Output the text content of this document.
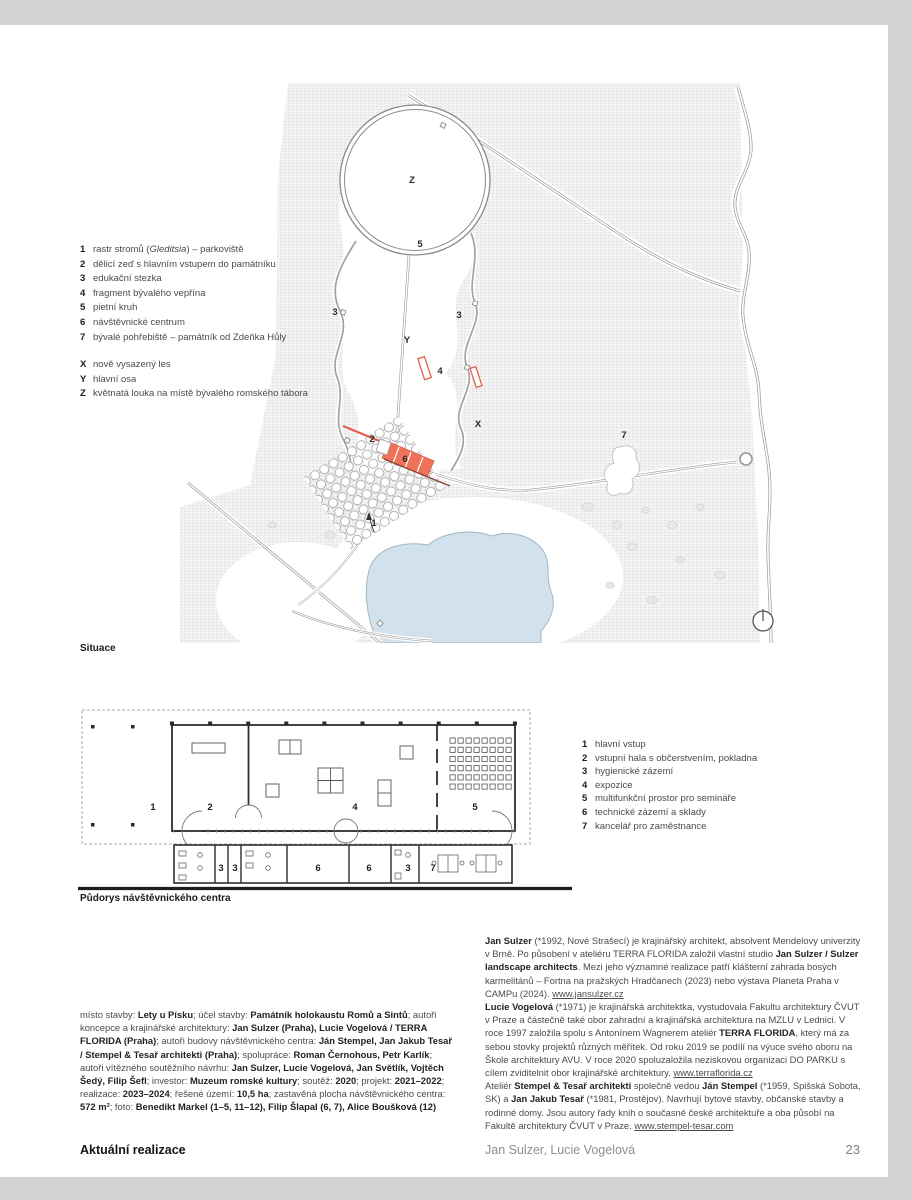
Z
5
3	3
Y
4
X
7
2
6
1
1 rastr stromů (Gleditsia) – parkoviště
2 dělicí zeď s hlavním vstupem do památníku
3 edukační stezka
4 fragment bývalého vepřína
5 pietní kruh
6 návštěvnické centrum
7 bývalé pohřebiště – památník od Zdeňka Hůly
X nově vysazený les
Y hlavní osa
Z květnatá louka na místě bývalého romského tábora
Situace
1	2	4	5
3 3	6	6	3 7
1 hlavní vstup
2 vstupní hala s občerstvením, pokladna
3 hygienické zázemí
4 expozice
5 multifunkční prostor pro semináře
6 technické zázemí a sklady
7 kancelář pro zaměstnance
Půdorys návštěvnického centra
místo stavby: Lety u Písku; účel stavby: Památník holokaustu Romů a Sintů; autoři koncepce a krajinářské architektury: Jan Sulzer (Praha), Lucie Vogelová / TERRA FLORIDA (Praha); autoři budovy návštěvnického centra: Ján Stempel, Jan Jakub Tesař / Stempel & Tesař architekti (Praha); spolupráce: Roman Černohous, Petr Karlík; autoři vítězného soutěžního návrhu: Jan Sulzer, Lucie Vogelová, Jan Světlík, Vojtěch Šedý, Filip Šefl; investor: Muzeum romské kultury; soutěž: 2020; projekt: 2021–2022; realizace: 2023–2024; řešené území: 10,5 ha; zastavěná plocha návštěvnického centra: 572 m²; foto: Benedikt Markel (1–5, 11–12), Filip Šlapal (6, 7), Alice Boušková (12)

Jan Sulzer (*1992, Nové Strašecí) je krajinářský architekt, absolvent Mendelovy univerzity v Brně. Po působení v ateliéru TERRA FLORIDA založil vlastní studio Jan Sulzer / Sulzer landscape architects. Mezi jeho významné realizace patří klášterní zahrada bosých karmelitánů – Fortna na pražských Hradčanech (2023) nebo výstava Planeta Praha v CAMPu (2024). www.jansulzer.cz

Lucie Vogelová (*1971) je krajinářská architektka, vystudovala Fakultu architektury ČVUT v Praze a částečně také obor zahradní a krajinářská architektura na MZLU v Lednici. V roce 1997 založila spolu s Antonínem Wagnerem ateliér TERRA FLORIDA, který má za sebou stovky projektů různých měřítek. Od roku 2019 se podílí na výuce svého oboru na Škole architektury AVU. V roce 2020 spoluzaložila neziskovou organizaci DO PARKU s cílem zviditelnit obor krajinářské architektury. www.terraflorida.cz

Ateliér Stempel & Tesař architekti společně vedou Ján Stempel (*1959, Spišská Sobota, SK) a Jan Jakub Tesař (*1981, Prostějov). Navrhují bytové stavby, občanské stavby a rodinné domy. Jsou autory řady knih o současné české architektuře a oba působí na Fakultě architektury ČVUT v Praze. www.stempel-tesar.com

Aktuální realizace	Jan Sulzer, Lucie Vogelová	23
